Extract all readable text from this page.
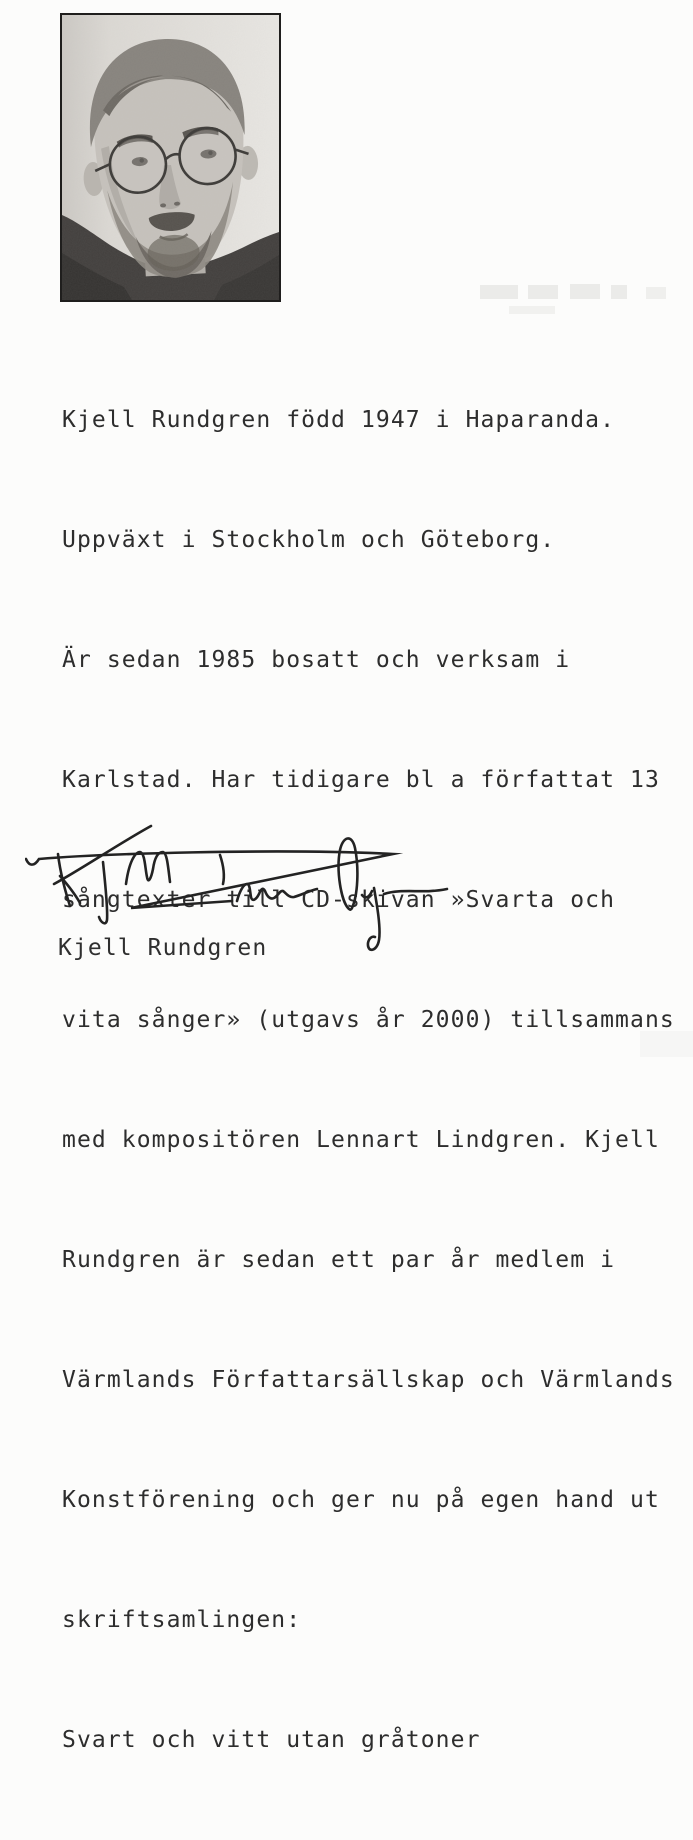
Kjell Rundgren född 1947 i Haparanda.

Uppväxt i Stockholm och Göteborg.

Är sedan 1985 bosatt och verksam i

Karlstad. Har tidigare bl a författat 13

sångtexter till CD-skivan »Svarta och

vita sånger» (utgavs år 2000) tillsammans

med kompositören Lennart Lindgren. Kjell

Rundgren är sedan ett par år medlem i

Värmlands Författarsällskap och Värmlands

Konstförening och ger nu på egen hand ut

skriftsamlingen:

Svart och vitt utan gråtoner

Kjell Rundgren
